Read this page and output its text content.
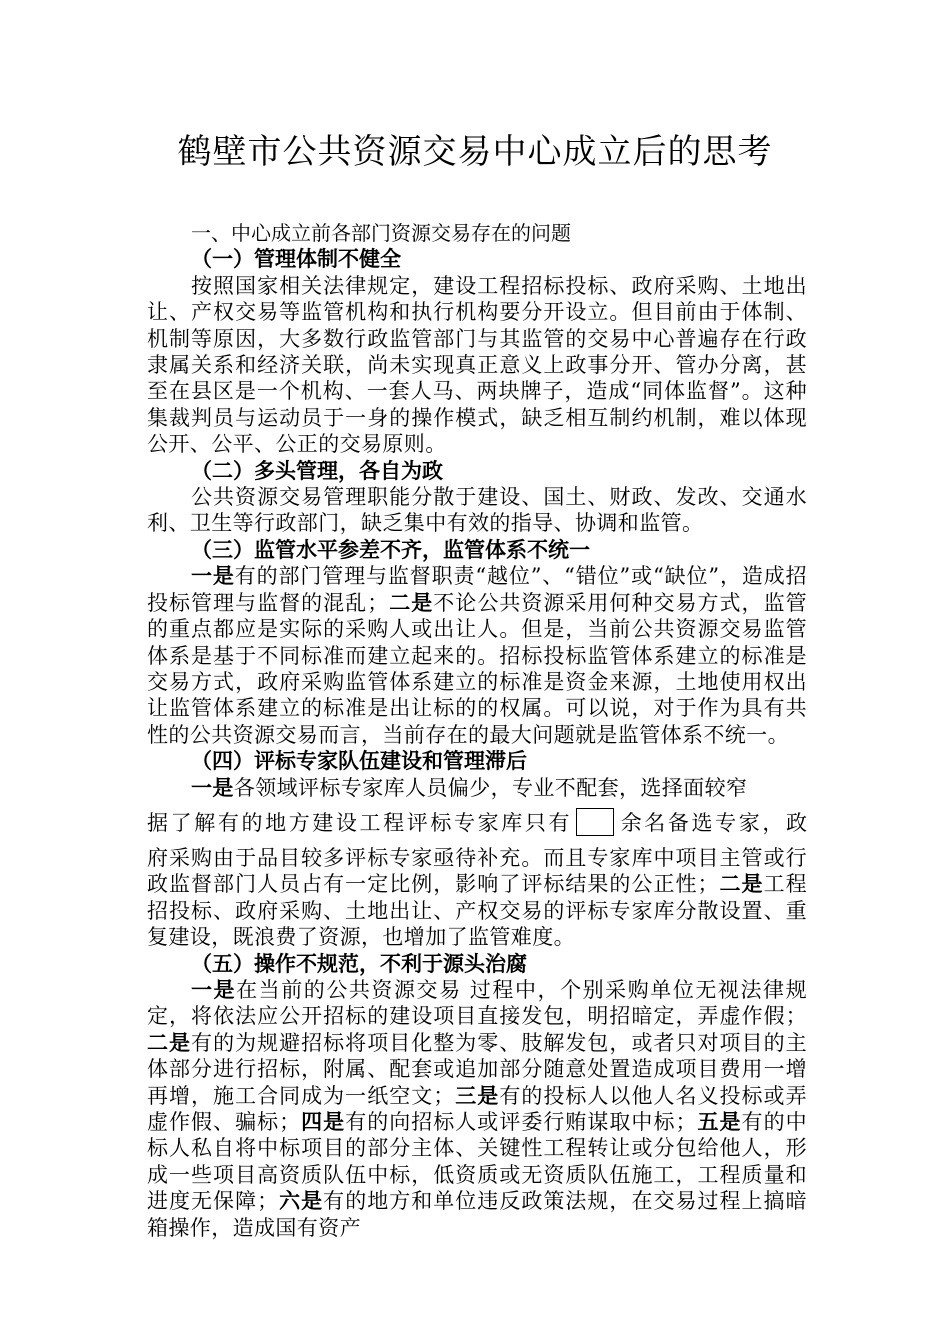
鹤壁市公共资源交易中心成立后的思考
一、中心成立前各部门资源交易存在的问题
（一）管理体制不健全
按照国家相关法律规定，建设工程招标投标、政府采购、土地出让、产权交易等监管机构和执行机构要分开设立。但目前由于体制、机制等原因，大多数行政监管部门与其监管的交易中心普遍存在行政隶属关系和经济关联，尚未实现真正意义上政事分开、管办分离，甚至在县区是一个机构、一套人马、两块牌子，造成“同体监督”。这种集裁判员与运动员于一身的操作模式，缺乏相互制约机制，难以体现公开、公平、公正的交易原则。
（二）多头管理，各自为政
公共资源交易管理职能分散于建设、国土、财政、发改、交通水利、卫生等行政部门，缺乏集中有效的指导、协调和监管。
（三）监管水平参差不齐，监管体系不统一
一是有的部门管理与监督职责“越位”、“错位”或“缺位”，造成招投标管理与监督的混乱；二是不论公共资源采用何种交易方式，监管的重点都应是实际的采购人或出让人。但是，当前公共资源交易监管体系是基于不同标准而建立起来的。招标投标监管体系建立的标准是交易方式，政府采购监管体系建立的标准是资金来源，土地使用权出让监管体系建立的标准是出让标的的权属。可以说，对于作为具有共性的公共资源交易而言，当前存在的最大问题就是监管体系不统一。
（四）评标专家队伍建设和管理滞后
一是各领域评标专家库人员偏少，专业不配套，选择面较窄
据了解有的地方建设工程评标专家库只有 余名备选专家，政
府采购由于品目较多评标专家亟待补充。而且专家库中项目主管或行政监督部门人员占有一定比例，影响了评标结果的公正性；二是工程招投标、政府采购、土地出让、产权交易的评标专家库分散设置、重复建设，既浪费了资源，也增加了监管难度。
（五）操作不规范，不利于源头治腐
一是在当前的公共资源交易 过程中，个别采购单位无视法律规定，将依法应公开招标的建设项目直接发包，明招暗定，弄虚作假；二是有的为规避招标将项目化整为零、肢解发包，或者只对项目的主体部分进行招标，附属、配套或追加部分随意处置造成项目费用一增再增，施工合同成为一纸空文；三是有的投标人以他人名义投标或弄虚作假、骗标；四是有的向招标人或评委行贿谋取中标；五是有的中标人私自将中标项目的部分主体、关键性工程转让或分包给他人，形成一些项目高资质队伍中标，低资质或无资质队伍施工，工程质量和进度无保障；六是有的地方和单位违反政策法规，在交易过程上搞暗箱操作，造成国有资产
